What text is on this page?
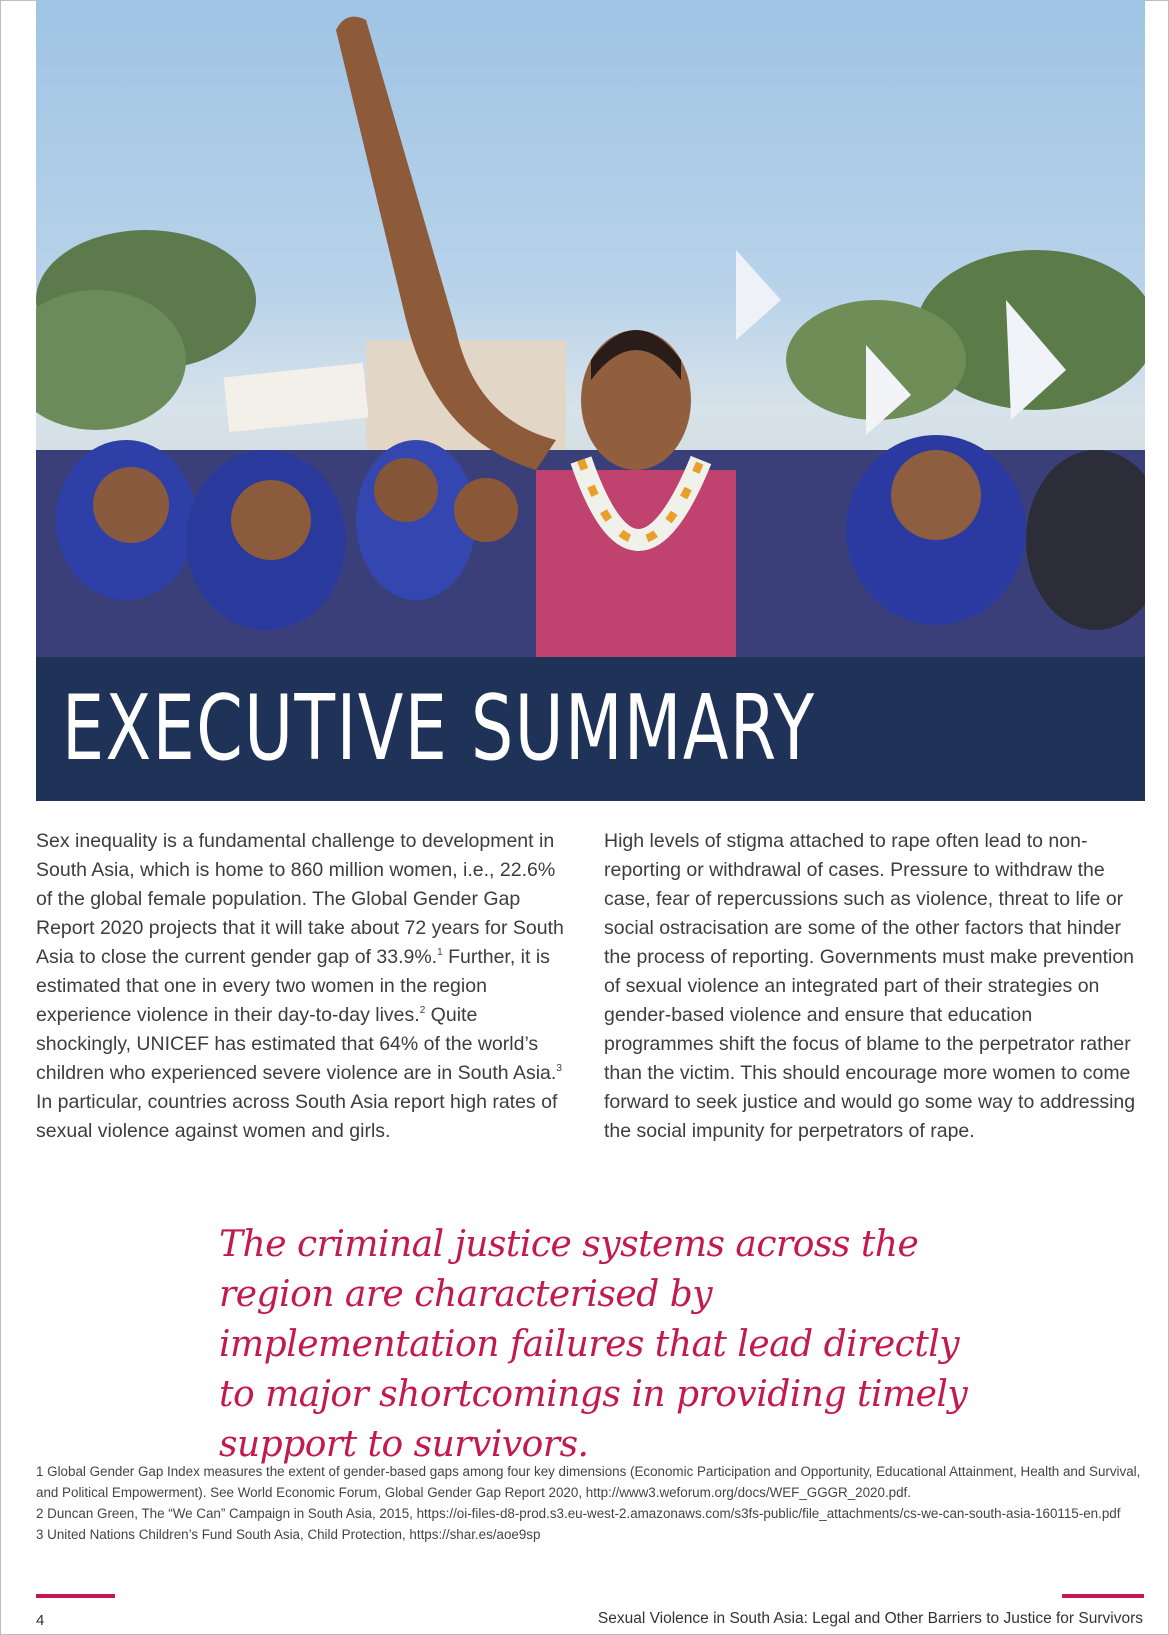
EXECUTIVE SUMMARY

Sex inequality is a fundamental challenge to development in South Asia, which is home to 860 million women, i.e., 22.6% of the global female population. The Global Gender Gap Report 2020 projects that it will take about 72 years for South Asia to close the current gender gap of 33.9%.$^1$ Further, it is estimated that one in every two women in the region experience violence in their day-to-day lives.$^2$ Quite shockingly, UNICEF has estimated that 64% of the world’s children who experienced severe violence are in South Asia.$^3$ In particular, countries across South Asia report high rates of sexual violence against women and girls.

High levels of stigma attached to rape often lead to non-reporting or withdrawal of cases. Pressure to withdraw the case, fear of repercussions such as violence, threat to life or social ostracisation are some of the other factors that hinder the process of reporting. Governments must make prevention of sexual violence an integrated part of their strategies on gender-based violence and ensure that education programmes shift the focus of blame to the perpetrator rather than the victim. This should encourage more women to come forward to seek justice and would go some way to addressing the social impunity for perpetrators of rape.

The criminal justice systems across the region are characterised by implementation failures that lead directly to major shortcomings in providing timely support to survivors.

1 Global Gender Gap Index measures the extent of gender-based gaps among four key dimensions (Economic Participation and Opportunity, Educational Attainment, Health and Survival, and Political Empowerment). See World Economic Forum, Global Gender Gap Report 2020, http://www3.weforum.org/docs/WEF_GGGR_2020.pdf.

2 Duncan Green, The “We Can” Campaign in South Asia, 2015, https://oi-files-d8-prod.s3.eu-west-2.amazonaws.com/s3fs-public/file_attachments/cs-we-can-south-asia-160115-en.pdf

3 United Nations Children’s Fund South Asia, Child Protection, https://shar.es/aoe9sp

4	Sexual Violence in South Asia: Legal and Other Barriers to Justice for Survivors
